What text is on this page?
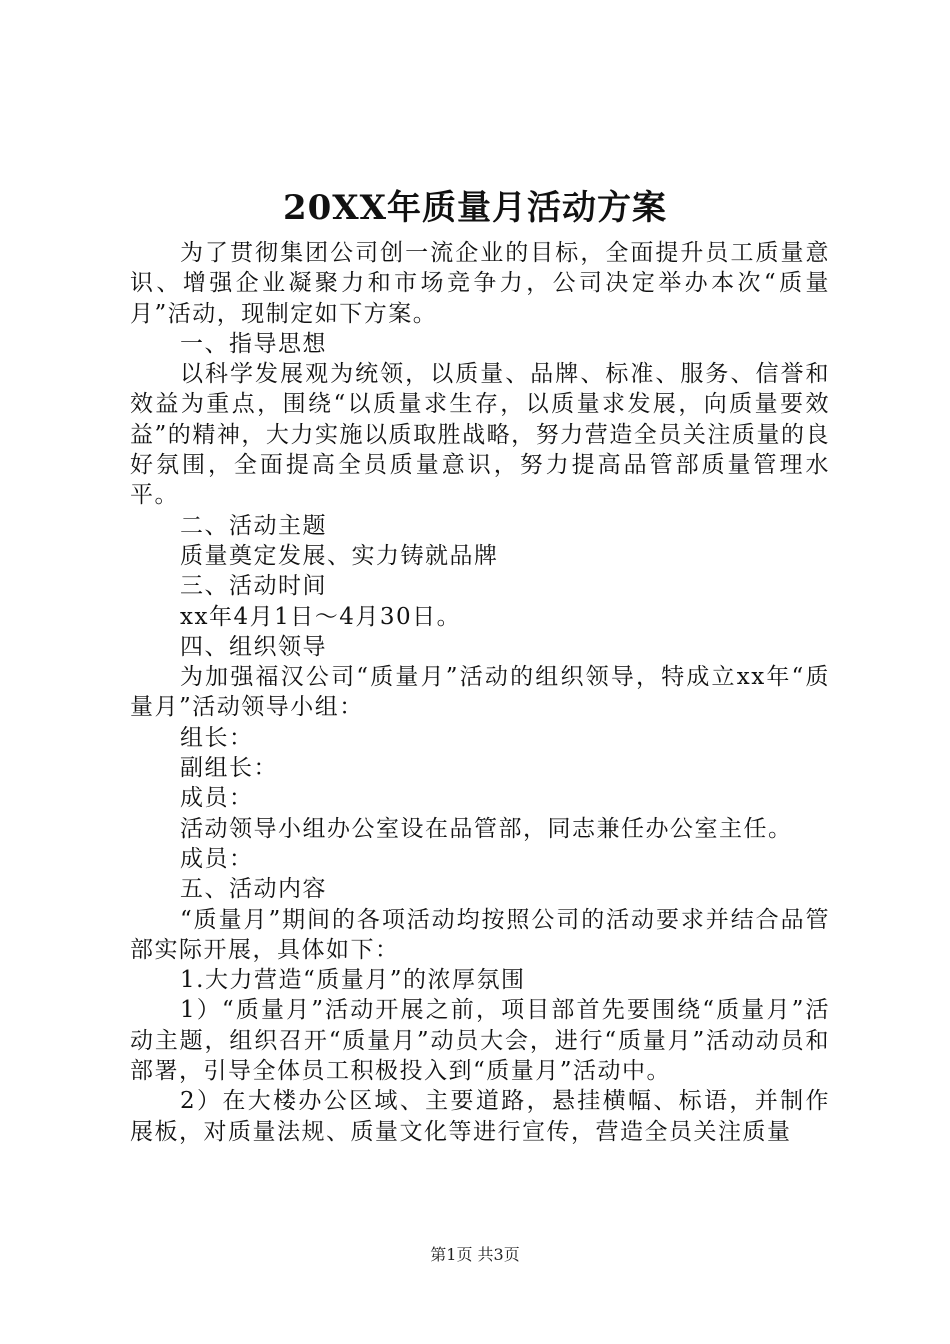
20XX年质量月活动方案

为了贯彻集团公司创一流企业的目标，全面提升员工质量意识、增强企业凝聚力和市场竞争力，公司决定举办本次“质量月”活动，现制定如下方案。

一、指导思想

以科学发展观为统领，以质量、品牌、标准、服务、信誉和效益为重点，围绕“以质量求生存，以质量求发展，向质量要效益”的精神，大力实施以质取胜战略，努力营造全员关注质量的良好氛围，全面提高全员质量意识，努力提高品管部质量管理水平。

二、活动主题

质量奠定发展、实力铸就品牌

三、活动时间

xx年4月1日～4月30日。

四、组织领导

为加强福汉公司“质量月”活动的组织领导，特成立xx年“质量月”活动领导小组：

组长：

副组长：

成员：

活动领导小组办公室设在品管部，同志兼任办公室主任。

成员：

五、活动内容

“质量月”期间的各项活动均按照公司的活动要求并结合品管部实际开展，具体如下：

1.大力营造“质量月”的浓厚氛围

1）“质量月”活动开展之前，项目部首先要围绕“质量月”活动主题，组织召开“质量月”动员大会，进行“质量月”活动动员和部署，引导全体员工积极投入到“质量月”活动中。

2）在大楼办公区域、主要道路，悬挂横幅、标语，并制作展板，对质量法规、质量文化等进行宣传，营造全员关注质量

第1页 共3页
